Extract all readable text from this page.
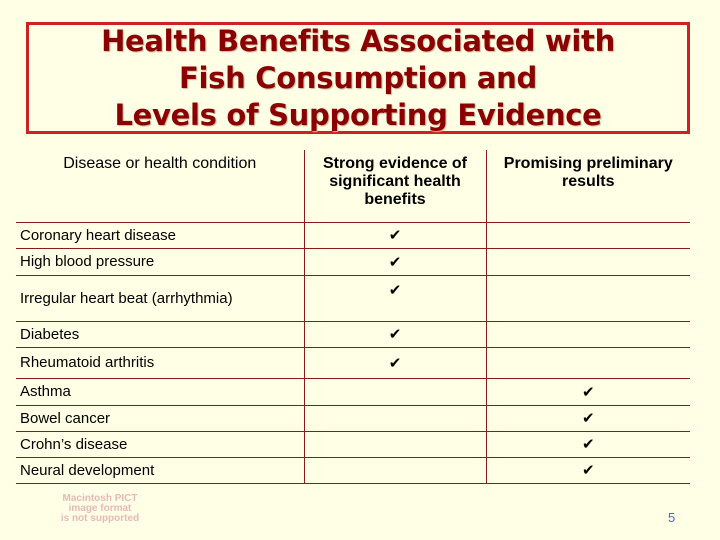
Health Benefits Associated with
Fish Consumption and
Levels of Supporting Evidence
Disease or health condition	Strong evidence of significant health benefits	Promising preliminary results
Coronary heart disease	✔	
High blood pressure	✔	
Irregular heart beat (arrhythmia)	✔	
Diabetes	✔	
Rheumatoid arthritis	✔	
Asthma		✔
Bowel cancer		✔
Crohn’s disease		✔
Neural development		✔
Macintosh PICT
image format
is not supported	5
